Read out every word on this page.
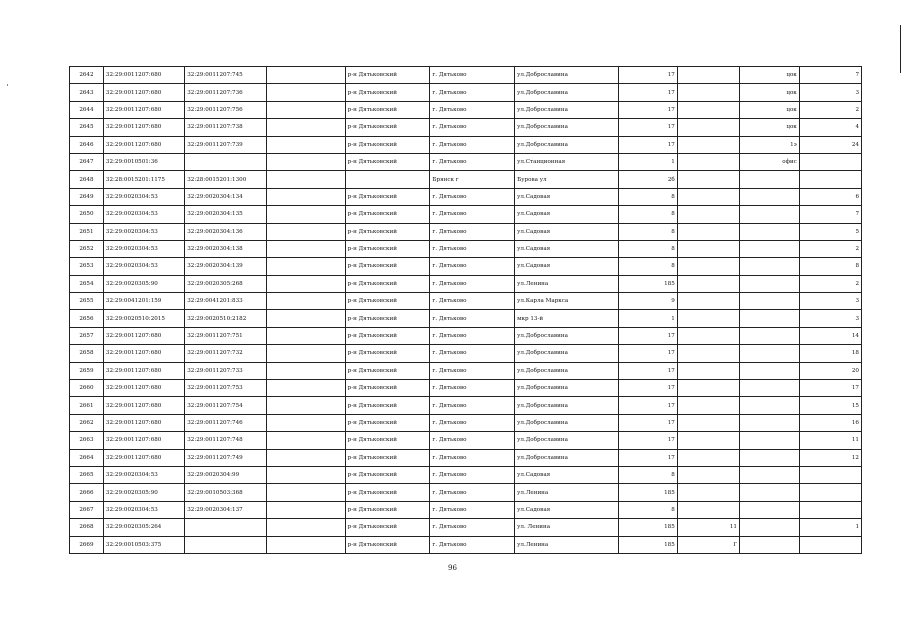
2642	32:29:0011207:680	32:29:0011207:745		р-н Дятьковский	г. Дятьково	ул.Доброславина	17		цок	7
2643	32:29:0011207:680	32:29:0011207:736		р-н Дятьковский	г. Дятьково	ул.Доброславина	17		цок	3
2644	32:29:0011207:680	32:29:0011207:756		р-н Дятьковский	г. Дятьково	ул.Доброславина	17		цок	2
2645	32:29:0011207:680	32:29:0011207:738		р-н Дятьковский	г. Дятьково	ул.Доброславина	17		цок	4
2646	32:29:0011207:680	32:29:0011207:739		р-н Дятьковский	г. Дятьково	ул.Доброславина	17		1э	24
2647	32:29:0010501:36			р-н Дятьковский	г. Дятьково	ул.Станционная	1		офис	
2648	32:28:0015201:1175	32:28:0015201:1300			Брянск г	Бурова ул	2б			
2649	32:29:0020304:53	32:29:0020304:134		р-н Дятьковский	г. Дятьково	ул.Садовая	8			6
2650	32:29:0020304:53	32:29:0020304:135		р-н Дятьковский	г. Дятьково	ул.Садовая	8			7
2651	32:29:0020304:53	32:29:0020304:136		р-н Дятьковский	г. Дятьково	ул.Садовая	8			5
2652	32:29:0020304:53	32:29:0020304:138		р-н Дятьковский	г. Дятьково	ул.Садовая	8			2
2653	32:29:0020304:53	32:29:0020304:139		р-н Дятьковский	г. Дятьково	ул.Садовая	8			8
2654	32:29:0020305:90	32:29:0020305:268		р-н Дятьковский	г. Дятьково	ул.Ленина	185			2
2655	32:29:0041201:159	32:29:0041201:833		р-н Дятьковский	г. Дятьково	ул.Карла Маркса	9			3
2656	32:29:0020510:2015	32:29:0020510:2182		р-н Дятьковский	г. Дятьково	мкр 13-й	1			3
2657	32:29:0011207:680	32:29:0011207:751		р-н Дятьковский	г. Дятьково	ул.Доброславина	17			14
2658	32:29:0011207:680	32:29:0011207:732		р-н Дятьковский	г. Дятьково	ул.Доброславина	17			18
2659	32:29:0011207:680	32:29:0011207:733		р-н Дятьковский	г. Дятьково	ул.Доброславина	17			20
2660	32:29:0011207:680	32:29:0011207:753		р-н Дятьковский	г. Дятьково	ул.Доброславина	17			17
2661	32:29:0011207:680	32:29:0011207:754		р-н Дятьковский	г. Дятьково	ул.Доброславина	17			15
2662	32:29:0011207:680	32:29:0011207:746		р-н Дятьковский	г. Дятьково	ул.Доброславина	17			16
2663	32:29:0011207:680	32:29:0011207:748		р-н Дятьковский	г. Дятьково	ул.Доброславина	17			11
2664	32:29:0011207:680	32:29:0011207:749		р-н Дятьковский	г. Дятьково	ул.Доброславина	17			12
2665	32:29:0020304:53	32:29:0020304:99		р-н Дятьковский	г. Дятьково	ул.Садовая	8			
2666	32:29:0020305:90	32:29:0010503:368		р-н Дятьковский	г. Дятьково	ул.Ленина	185			
2667	32:29:0020304:53	32:29:0020304:137		р-н Дятьковский	г. Дятьково	ул.Садовая	8			
2668	32:29:0020305:264			р-н Дятьковский	г. Дятьково	ул. Ленина	185	11		1
2669	32:29:0010503:375			р-н Дятьковский	г. Дятьково	ул.Ленина	185	Г		
96
